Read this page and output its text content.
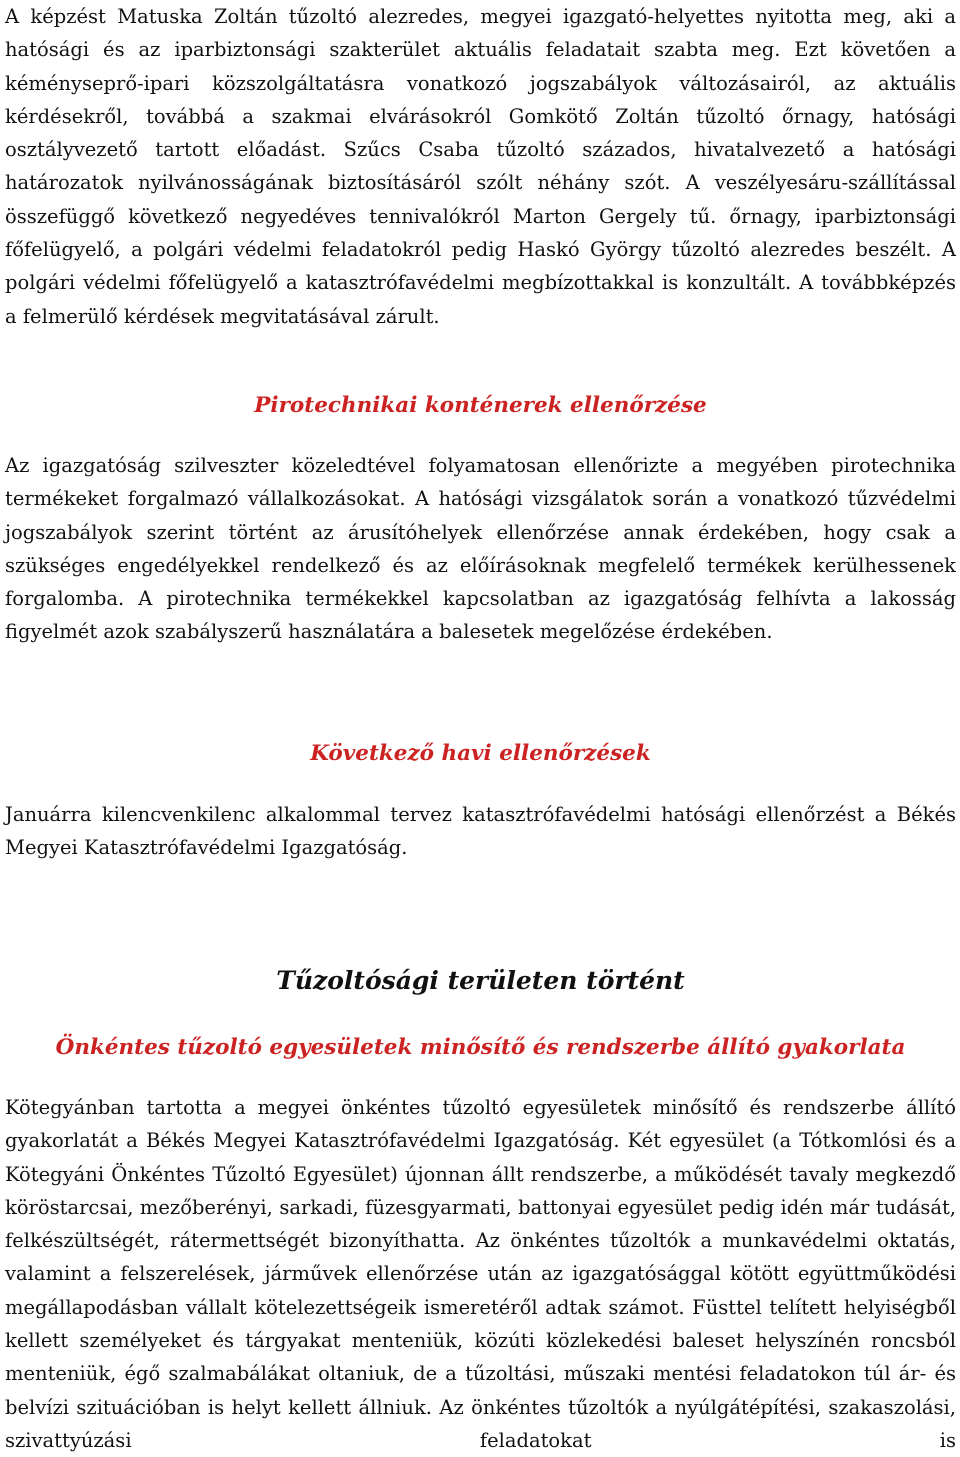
A képzést Matuska Zoltán tűzoltó alezredes, megyei igazgató-helyettes nyitotta meg, aki a hatósági és az iparbiztonsági szakterület aktuális feladatait szabta meg. Ezt követően a kéményseprő-ipari közszolgáltatásra vonatkozó jogszabályok változásairól, az aktuális kérdésekről, továbbá a szakmai elvárásokról Gomkötő Zoltán tűzoltó őrnagy, hatósági osztályvezető tartott előadást. Szűcs Csaba tűzoltó százados, hivatalvezető a hatósági határozatok nyilvánosságának biztosításáról szólt néhány szót. A veszélyesáru-szállítással összefüggő következő negyedéves tennivalókról Marton Gergely tű. őrnagy, iparbiztonsági főfelügyelő, a polgári védelmi feladatokról pedig Haskó György tűzoltó alezredes beszélt. A polgári védelmi főfelügyelő a katasztrófavédelmi megbízottakkal is konzultált. A továbbképzés a felmerülő kérdések megvitatásával zárult.

Pirotechnikai konténerek ellenőrzése

Az igazgatóság szilveszter közeledtével folyamatosan ellenőrizte a megyében pirotechnika termékeket forgalmazó vállalkozásokat. A hatósági vizsgálatok során a vonatkozó tűzvédelmi jogszabályok szerint történt az árusítóhelyek ellenőrzése annak érdekében, hogy csak a szükséges engedélyekkel rendelkező és az előírásoknak megfelelő termékek kerülhessenek forgalomba. A pirotechnika termékekkel kapcsolatban az igazgatóság felhívta a lakosság figyelmét azok szabályszerű használatára a balesetek megelőzése érdekében.

Következő havi ellenőrzések

Januárra kilencvenkilenc alkalommal tervez katasztrófavédelmi hatósági ellenőrzést a Békés Megyei Katasztrófavédelmi Igazgatóság.

Tűzoltósági területen történt
Önkéntes tűzoltó egyesületek minősítő és rendszerbe állító gyakorlata

Kötegyánban tartotta a megyei önkéntes tűzoltó egyesületek minősítő és rendszerbe állító gyakorlatát a Békés Megyei Katasztrófavédelmi Igazgatóság. Két egyesület (a Tótkomlósi és a Kötegyáni Önkéntes Tűzoltó Egyesület) újonnan állt rendszerbe, a működését tavaly megkezdő köröstarcsai, mezőberényi, sarkadi, füzesgyarmati, battonyai egyesület pedig idén már tudását, felkészültségét, rátermettségét bizonyíthatta. Az önkéntes tűzoltók a munkavédelmi oktatás, valamint a felszerelések, járművek ellenőrzése után az igazgatósággal kötött együttműködési megállapodásban vállalt kötelezettségeik ismeretéről adtak számot. Füsttel telített helyiségből kellett személyeket és tárgyakat menteniük, közúti közlekedési baleset helyszínén roncsból menteniük, égő szalmabálákat oltaniuk, de a tűzoltási, műszaki mentési feladatokon túl ár- és belvízi szituációban is helyt kellett állniuk. Az önkéntes tűzoltók a nyúlgátépítési, szakaszolási, szivattyúzási feladatokat is
